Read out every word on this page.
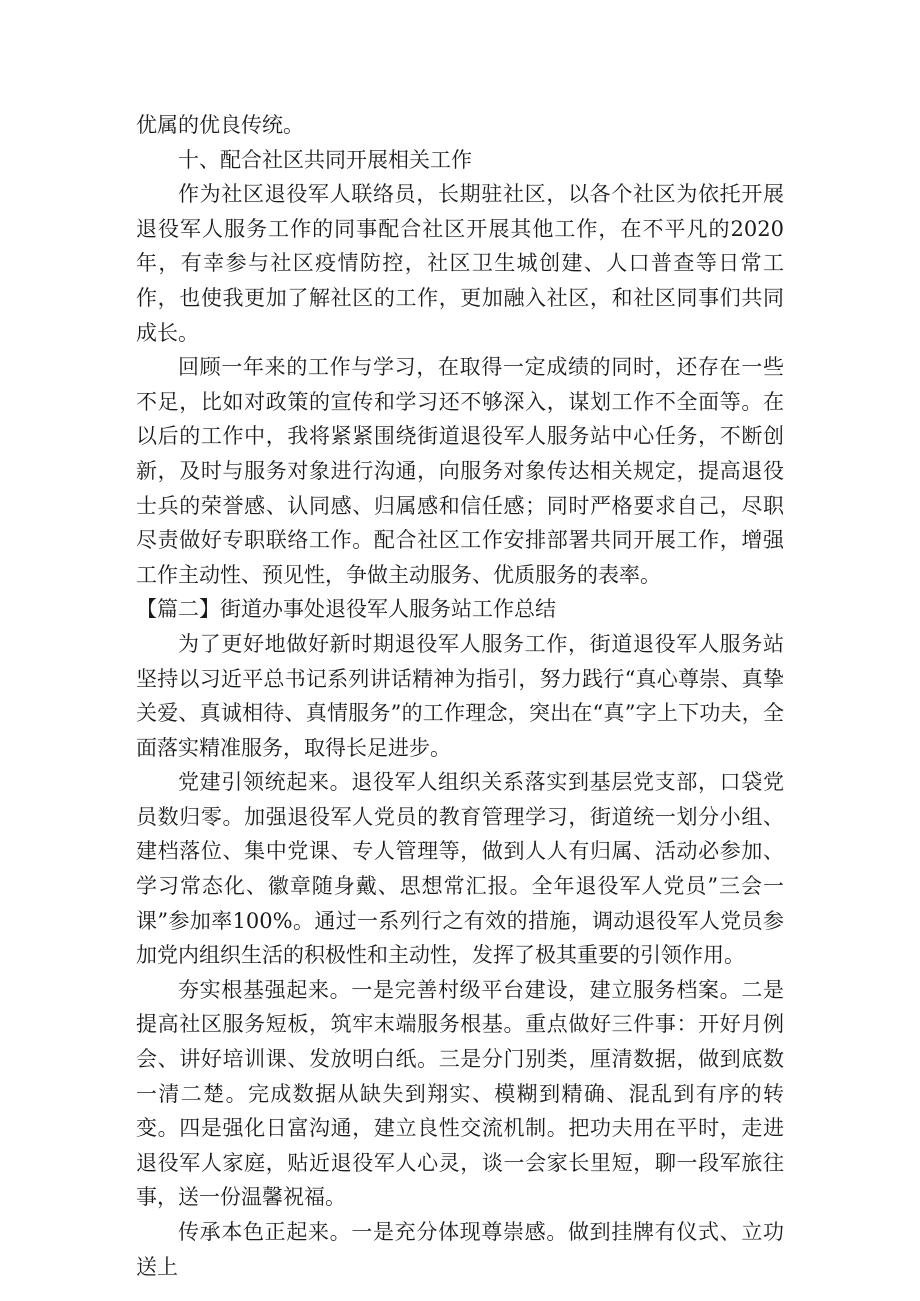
优属的优良传统。

十、配合社区共同开展相关工作

作为社区退役军人联络员，长期驻社区，以各个社区为依托开展退役军人服务工作的同事配合社区开展其他工作，在不平凡的2020年，有幸参与社区疫情防控，社区卫生城创建、人口普查等日常工作，也使我更加了解社区的工作，更加融入社区，和社区同事们共同成长。

回顾一年来的工作与学习，在取得一定成绩的同时，还存在一些不足，比如对政策的宣传和学习还不够深入，谋划工作不全面等。在以后的工作中，我将紧紧围绕街道退役军人服务站中心任务，不断创新，及时与服务对象进行沟通，向服务对象传达相关规定，提高退役士兵的荣誉感、认同感、归属感和信任感；同时严格要求自己，尽职尽责做好专职联络工作。配合社区工作安排部署共同开展工作，增强工作主动性、预见性，争做主动服务、优质服务的表率。

【篇二】街道办事处退役军人服务站工作总结

为了更好地做好新时期退役军人服务工作，街道退役军人服务站坚持以习近平总书记系列讲话精神为指引，努力践行“真心尊崇、真挚关爱、真诚相待、真情服务”的工作理念，突出在“真”字上下功夫，全面落实精准服务，取得长足进步。

党建引领统起来。退役军人组织关系落实到基层党支部，口袋党员数归零。加强退役军人党员的教育管理学习，街道统一划分小组、建档落位、集中党课、专人管理等，做到人人有归属、活动必参加、学习常态化、徽章随身戴、思想常汇报。全年退役军人党员”三会一课”参加率100%。通过一系列行之有效的措施，调动退役军人党员参加党内组织生活的积极性和主动性，发挥了极其重要的引领作用。

夯实根基强起来。一是完善村级平台建设，建立服务档案。二是提高社区服务短板，筑牢末端服务根基。重点做好三件事：开好月例会、讲好培训课、发放明白纸。三是分门别类，厘清数据，做到底数一清二楚。完成数据从缺失到翔实、模糊到精确、混乱到有序的转变。四是强化日富沟通，建立良性交流机制。把功夫用在平时，走进退役军人家庭，贴近退役军人心灵，谈一会家长里短，聊一段军旅往事，送一份温馨祝福。

传承本色正起来。一是充分体现尊崇感。做到挂牌有仪式、立功送上
